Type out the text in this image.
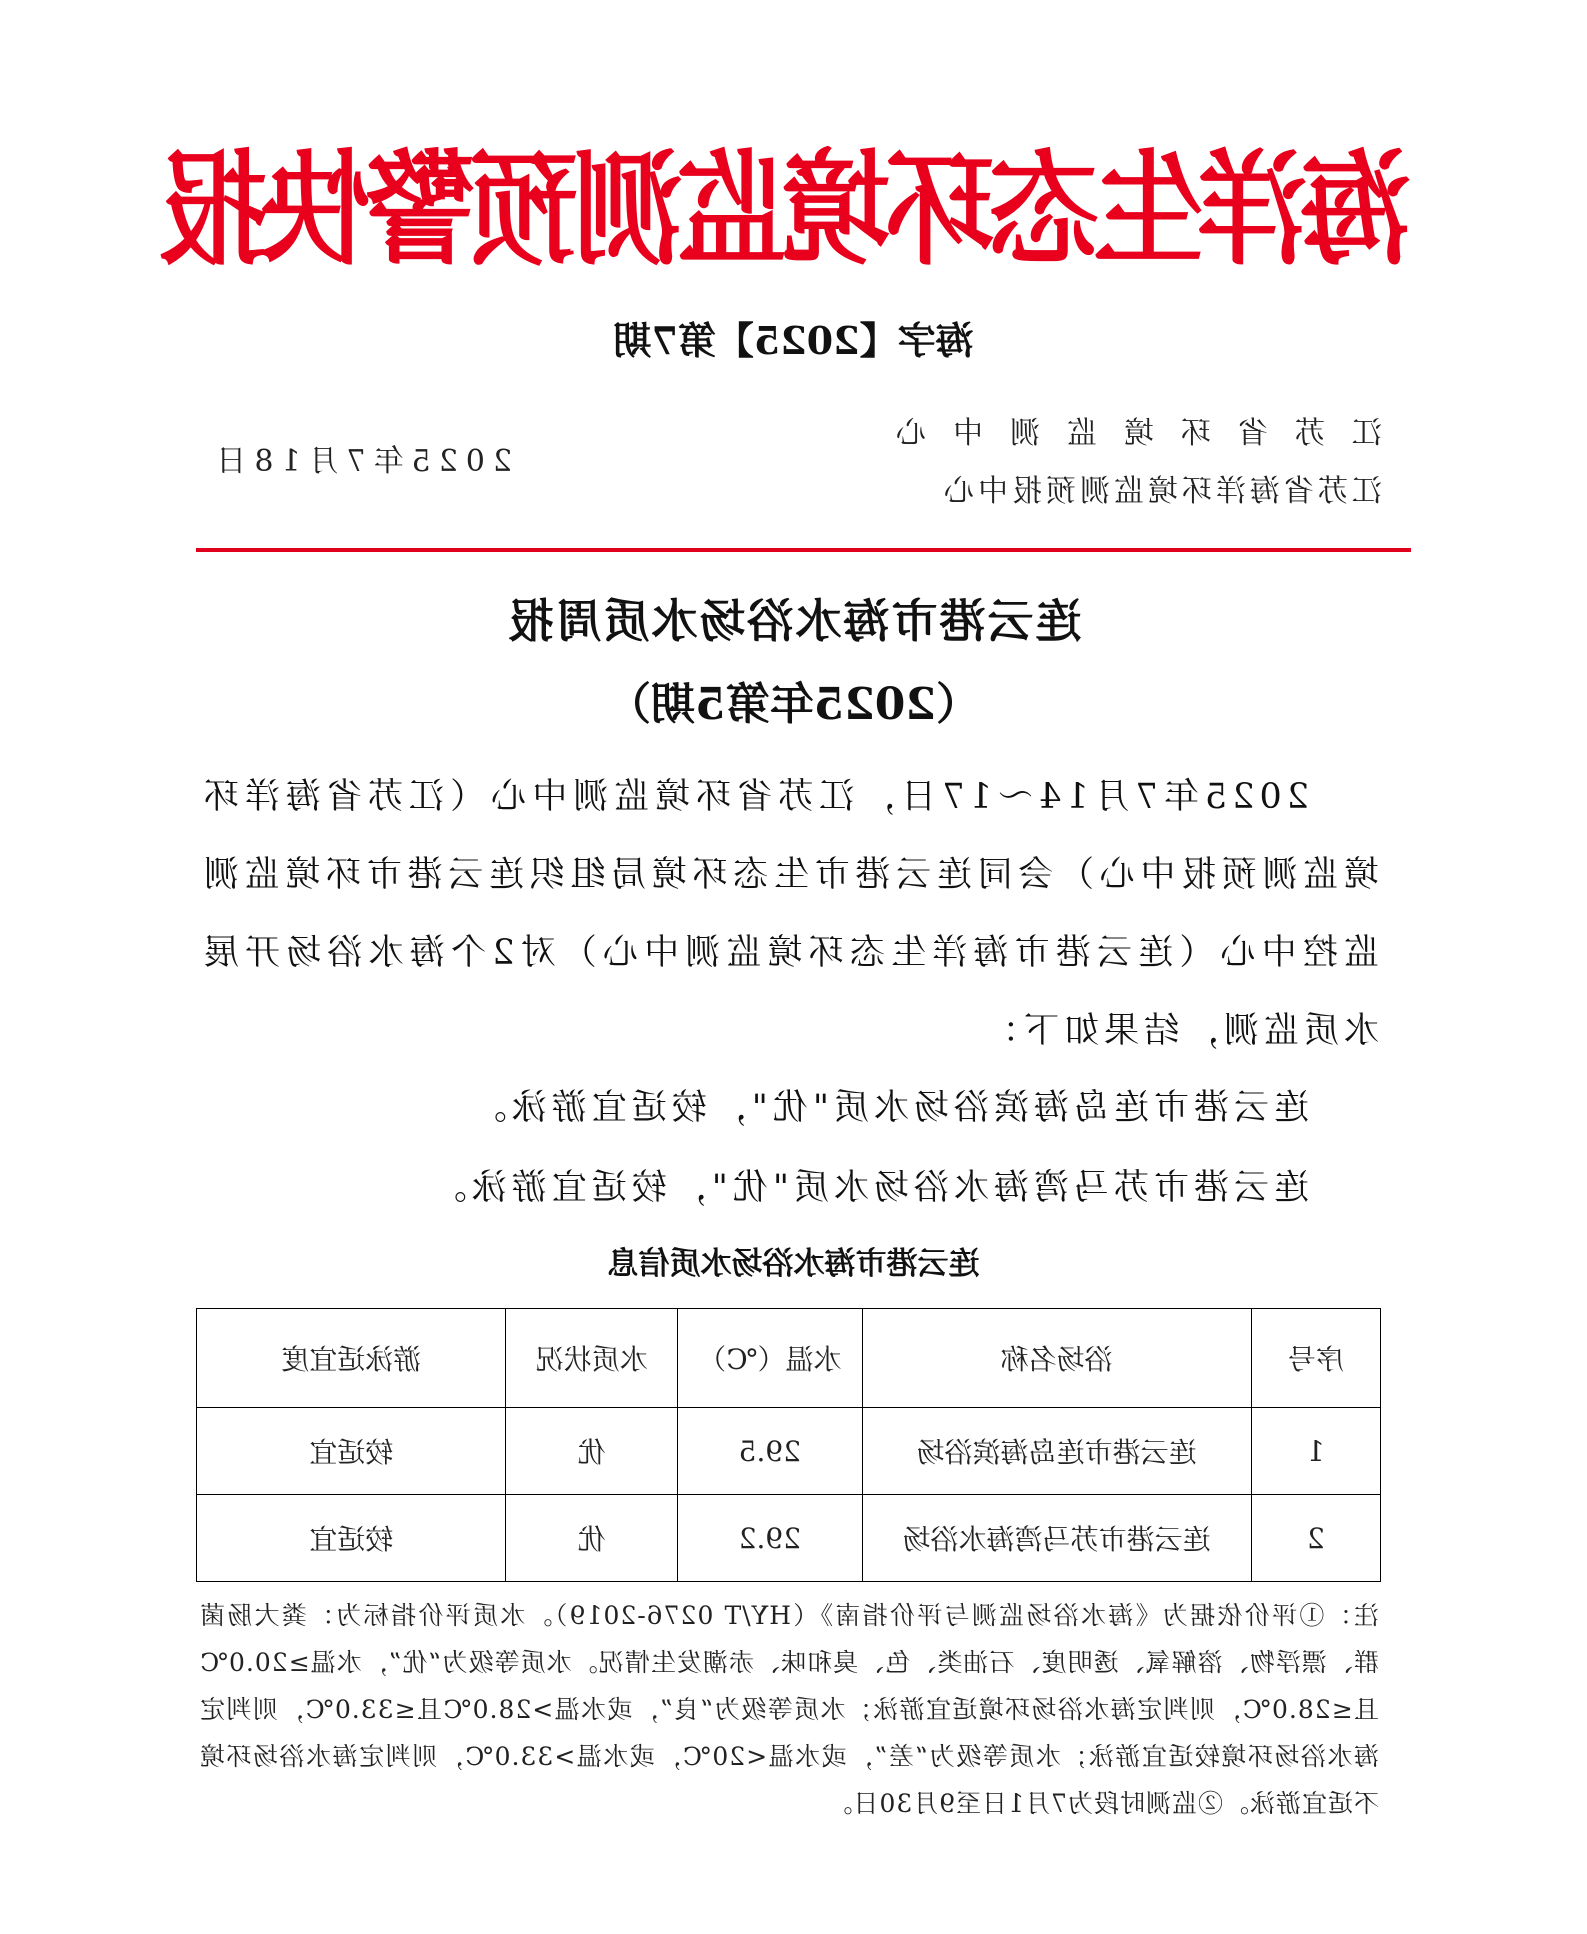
海洋生态环境监测预警快报
海字【2025】第7期
江苏省环境监测中心
江苏省海洋环境监测预报中心
2025年7月18日
连云港市海水浴场水质周报
（2025年第5期）

2025年7月14～17日，江苏省环境监测中心（江苏省海洋环境监测预报中心）会同连云港市生态环境局组织连云港市环境监测监控中心（连云港市海洋生态环境监测中心）对2个海水浴场开展水质监测，结果如下：

连云港市连岛海滨浴场水质"优"，较适宜游泳。
连云港市苏马湾海水浴场水质"优"，较适宜游泳。
连云港市海水浴场水质信息
序号	浴场名称	水温（℃）	水质状况	游泳适宜度
1	连云港市连岛海滨浴场	29.5	优	较适宜
2	连云港市苏马湾海水浴场	29.2	优	较适宜

注：①评价依据为《海水浴场监测与评价指南》（HY/T 0276-2019）。水质评价指标为：粪大肠菌群、漂浮物、溶解氧、透明度、石油类、色、臭和味、赤潮发生情况。水质等级为“优”，水温≥20.0℃且≤28.0℃，则判定海水浴场环境适宜游泳；水质等级为“良”，或水温>28.0℃且≤33.0℃，则判定海水浴场环境较适宜游泳；水质等级为“差”，或水温<20℃，或水温>33.0℃，则判定海水浴场环境不适宜游泳。②监测时段为7月1日至9月30日。
